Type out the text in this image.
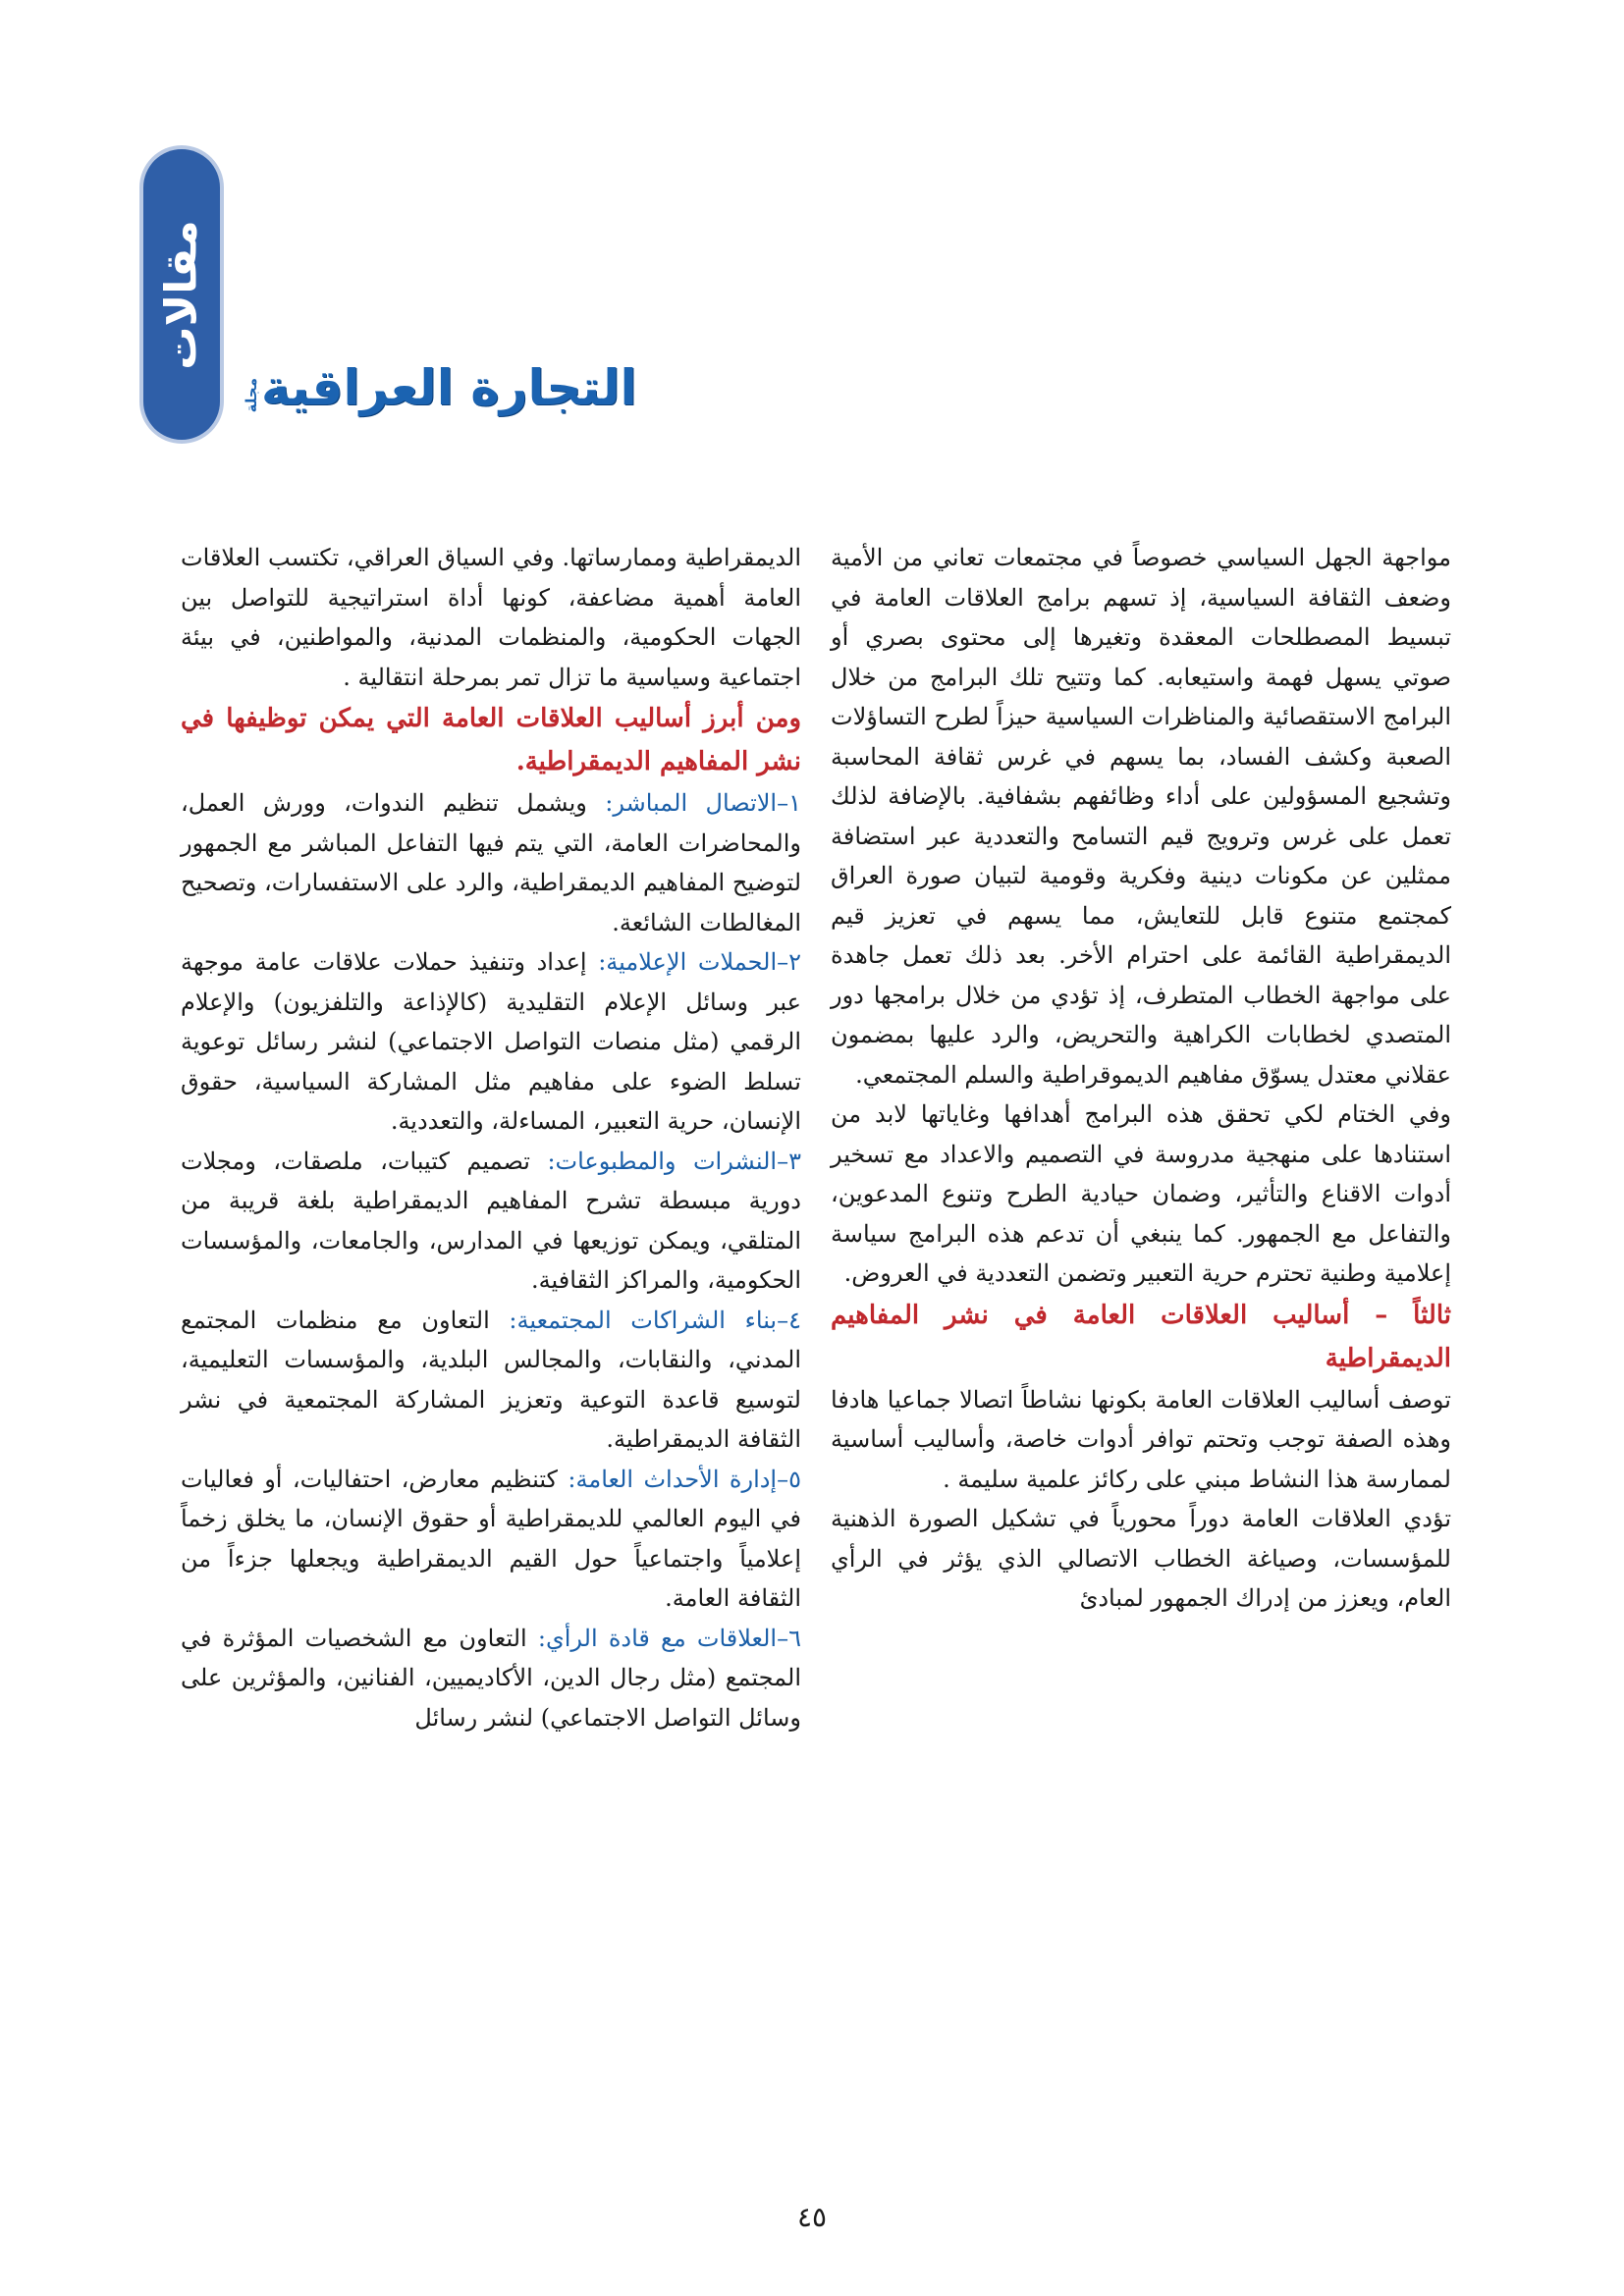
مقالات
التجارة العراقية
مجلة

مواجهة الجهل السياسي خصوصاً في مجتمعات تعاني من الأمية وضعف الثقافة السياسية، إذ تسهم برامج العلاقات العامة في تبسيط المصطلحات المعقدة وتغيرها إلى محتوى بصري أو صوتي يسهل فهمة واستيعابه. كما وتتيح تلك البرامج من خلال البرامج الاستقصائية والمناظرات السياسية حيزاً لطرح التساؤلات الصعبة وكشف الفساد، بما يسهم في غرس ثقافة المحاسبة وتشجيع المسؤولين على أداء وظائفهم بشفافية. بالإضافة لذلك تعمل على غرس وترويج قيم التسامح والتعددية عبر استضافة ممثلين عن مكونات دينية وفكرية وقومية لتبيان صورة العراق كمجتمع متنوع قابل للتعايش، مما يسهم في تعزيز قيم الديمقراطية القائمة على احترام الأخر. بعد ذلك تعمل جاهدة على مواجهة الخطاب المتطرف، إذ تؤدي من خلال برامجها دور المتصدي لخطابات الكراهية والتحريض، والرد عليها بمضمون عقلاني معتدل يسوّق مفاهيم الديموقراطية والسلم المجتمعي.

وفي الختام لكي تحقق هذه البرامج أهدافها وغاياتها لابد من استنادها على منهجية مدروسة في التصميم والاعداد مع تسخير أدوات الاقناع والتأثير، وضمان حيادية الطرح وتنوع المدعوين، والتفاعل مع الجمهور. كما ينبغي أن تدعم هذه البرامج سياسة إعلامية وطنية تحترم حرية التعبير وتضمن التعددية في العروض.

ثالثاً – أساليب العلاقات العامة في نشر المفاهيم الديمقراطية

توصف أساليب العلاقات العامة بكونها نشاطاً اتصالا جماعيا هادفا وهذه الصفة توجب وتحتم توافر أدوات خاصة، وأساليب أساسية لممارسة هذا النشاط مبني على ركائز علمية سليمة .

تؤدي العلاقات العامة دوراً محورياً في تشكيل الصورة الذهنية للمؤسسات، وصياغة الخطاب الاتصالي الذي يؤثر في الرأي العام، ويعزز من إدراك الجمهور لمبادئ

الديمقراطية وممارساتها. وفي السياق العراقي، تكتسب العلاقات العامة أهمية مضاعفة، كونها أداة استراتيجية للتواصل بين الجهات الحكومية، والمنظمات المدنية، والمواطنين، في بيئة اجتماعية وسياسية ما تزال تمر بمرحلة انتقالية .

ومن أبرز أساليب العلاقات العامة التي يمكن توظيفها في نشر المفاهيم الديمقراطية.

١–الاتصال المباشر: ويشمل تنظيم الندوات، وورش العمل، والمحاضرات العامة، التي يتم فيها التفاعل المباشر مع الجمهور لتوضيح المفاهيم الديمقراطية، والرد على الاستفسارات، وتصحيح المغالطات الشائعة.

٢–الحملات الإعلامية: إعداد وتنفيذ حملات علاقات عامة موجهة عبر وسائل الإعلام التقليدية (كالإذاعة والتلفزيون) والإعلام الرقمي (مثل منصات التواصل الاجتماعي) لنشر رسائل توعوية تسلط الضوء على مفاهيم مثل المشاركة السياسية، حقوق الإنسان، حرية التعبير، المساءلة، والتعددية.

٣–النشرات والمطبوعات: تصميم كتيبات، ملصقات، ومجلات دورية مبسطة تشرح المفاهيم الديمقراطية بلغة قريبة من المتلقي، ويمكن توزيعها في المدارس، والجامعات، والمؤسسات الحكومية، والمراكز الثقافية.

٤–بناء الشراكات المجتمعية: التعاون مع منظمات المجتمع المدني، والنقابات، والمجالس البلدية، والمؤسسات التعليمية، لتوسيع قاعدة التوعية وتعزيز المشاركة المجتمعية في نشر الثقافة الديمقراطية.

٥–إدارة الأحداث العامة: كتنظيم معارض، احتفاليات، أو فعاليات في اليوم العالمي للديمقراطية أو حقوق الإنسان، ما يخلق زخماً إعلامياً واجتماعياً حول القيم الديمقراطية ويجعلها جزءاً من الثقافة العامة.

٦–العلاقات مع قادة الرأي: التعاون مع الشخصيات المؤثرة في المجتمع (مثل رجال الدين، الأكاديميين، الفنانين، والمؤثرين على وسائل التواصل الاجتماعي) لنشر رسائل

٤٥
